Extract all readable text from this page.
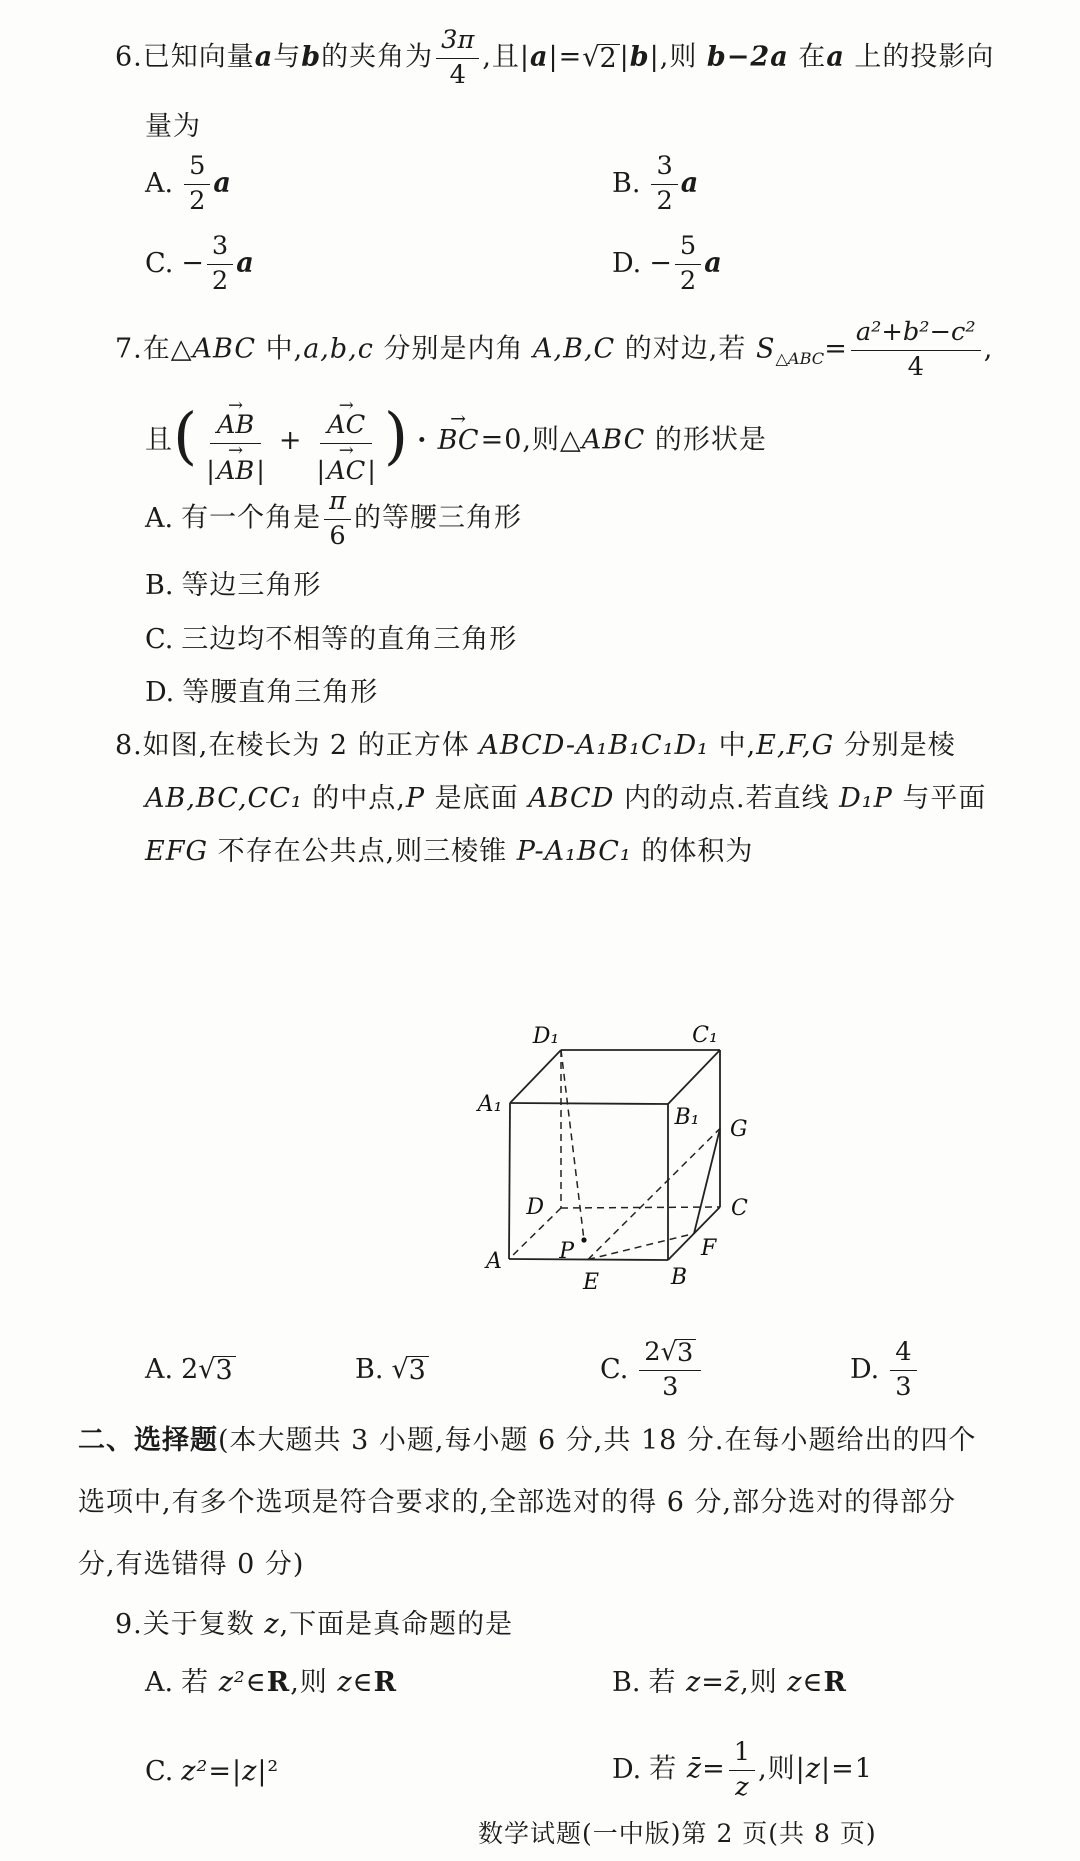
6.已知向量a与b的夹角为 $\frac{3\pi}{4}$ ,且|a|= √ 2 |b|,则 b−2a 在a 上的投影向
量为
A. $\frac{5}{2}$ a	B. $\frac{3}{2}$ a
C. − $\frac{3}{2}$ a	D. − $\frac{5}{2}$ a
7.在△ABC 中,a,b,c 分别是内角 A,B,C 的对边,若 $S_{\triangle ABC}= \frac{\text{a²+b²−c²}}{4}$ ,
且( →
AB
|
→
AB| + →
AC
|
→
AC| ) ·
→
BC=0,则△ABC 的形状是
A. 有一个角是 $\frac{\pi}{6}$ 的等腰三角形
B. 等边三角形
C. 三边均不相等的直角三角形
D. 等腰直角三角形
8.如图,在棱长为 2 的正方体 ABCD-A₁B₁C₁D₁ 中,E,F,G 分别是棱
AB,BC,CC₁ 的中点,P 是底面 ABCD 内的动点.若直线 D₁P 与平面
EFG 不存在公共点,则三棱锥 P-A₁BC₁ 的体积为
D₁	C₁
A₁
B₁ G
D	C
A
B
E
F
P
A. 2 √ 3	B. √ 3	C. $\frac{2 √ 3}{3}$	D. $\frac{4}{3}$
二、选择题(本大题共 3 小题,每小题 6 分,共 18 分.在每小题给出的四个
选项中,有多个选项是符合要求的,全部选对的得 6 分,部分选对的得部分
分,有选错得 0 分)
9.关于复数 z,下面是真命题的是
A. 若 z²∈R,则 z∈R	B. 若 z=z̄,则 z∈R
C. z²=|z|²	D. 若 z̄= $\frac{1}{z}$ ,则|z|=1
数学试题(一中版)第 2 页(共 8 页)
